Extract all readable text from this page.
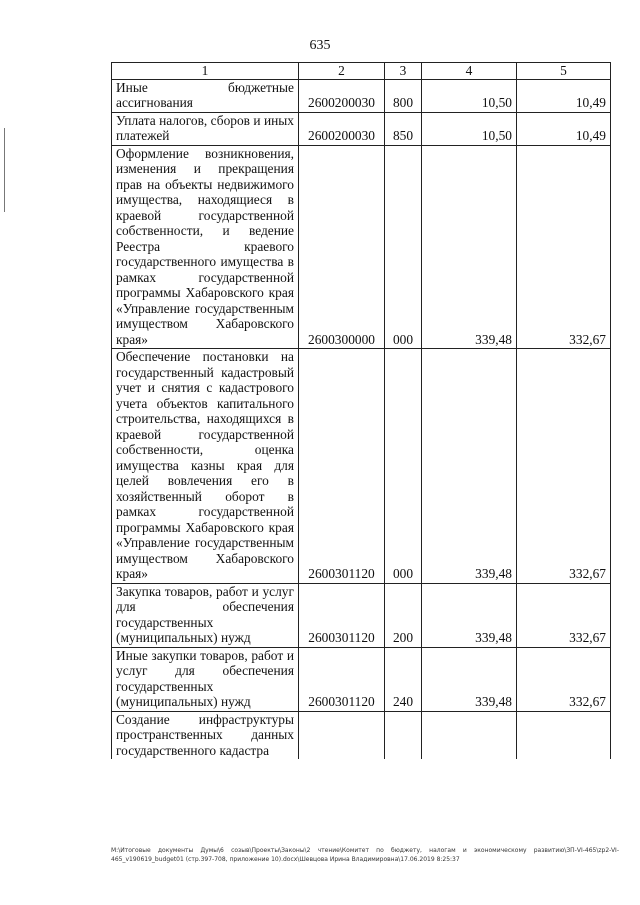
635
1	2	3	4	5
Иные бюджетные ассигнования	2600200030	800	10,50	10,49
Уплата налогов, сборов и иных платежей	2600200030	850	10,50	10,49
Оформление возникновения, изменения и прекращения прав на объекты недвижимого имущества, находящиеся в краевой государственной собственности, и ведение Реестра краевого государственного имущества в рамках государственной программы Хабаровского края «Управление государственным имуществом Хабаровского края»	2600300000	000	339,48	332,67
Обеспечение постановки на государственный кадастровый учет и снятия с кадастрового учета объектов капитального строительства, находящихся в краевой государственной собственности, оценка имущества казны края для целей вовлечения его в хозяйственный оборот в рамках государственной программы Хабаровского края «Управление государственным имуществом Хабаровского края»	2600301120	000	339,48	332,67
Закупка товаров, работ и услуг для обеспечения государственных (муниципальных) нужд	2600301120	200	339,48	332,67
Иные закупки товаров, работ и услуг для обеспечения государственных (муниципальных) нужд	2600301120	240	339,48	332,67
Создание инфраструктуры пространственных данных государственного кадастра				
M:\Итоговые документы Думы\6 созыв\Проекты\Законы\2 чтение\Комитет по бюджету, налогам и экономическому развитию\ЗП-VI-465\zp2-VI-465_v190619_budget01 (стр.397-708, приложение 10).docx\Шевцова Ирина Владимировна\17.06.2019 8:25:37
